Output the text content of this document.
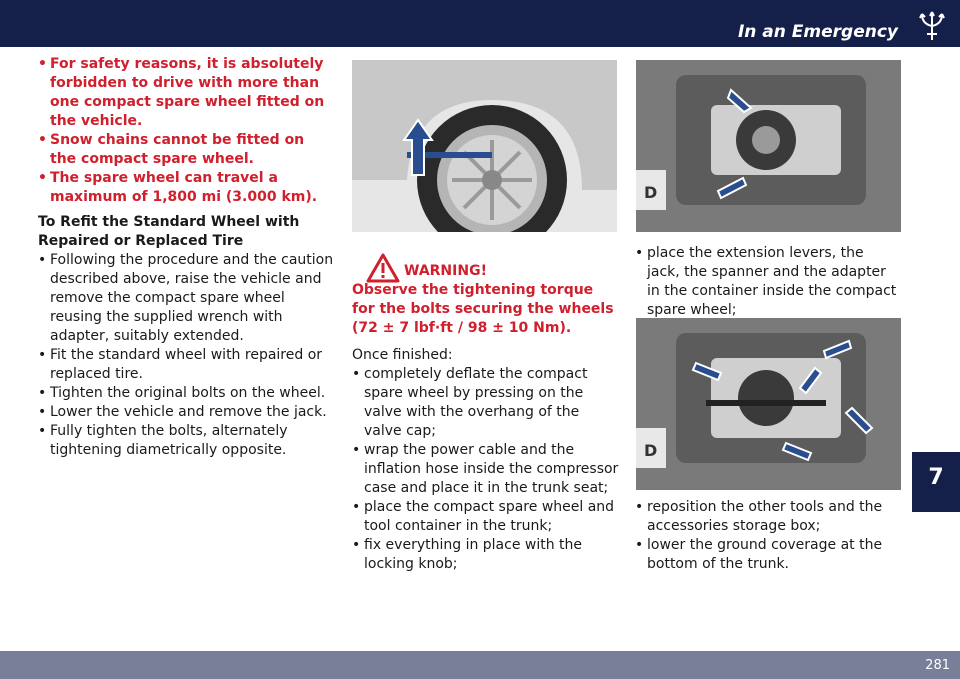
In an Emergency

• For safety reasons, it is absolutely forbidden to drive with more than one compact spare wheel fitted on the vehicle.

• Snow chains cannot be fitted on the compact spare wheel.

• The spare wheel can travel a maximum of 1,800 mi (3.000 km).

To Refit the Standard Wheel with Repaired or Replaced Tire

• Following the procedure and the caution described above, raise the vehicle and remove the compact spare wheel reusing the supplied wrench with adapter, suitably extended.

• Fit the standard wheel with repaired or replaced tire.

• Tighten the original bolts on the wheel.

• Lower the vehicle and remove the jack.

• Fully tighten the bolts, alternately tightening diametrically opposite.

WARNING!

Observe the tightening torque for the bolts securing the wheels (72 ± 7 lbf·ft / 98 ± 10 Nm).

Once finished:

• completely deflate the compact spare wheel by pressing on the valve with the overhang of the valve cap;

• wrap the power cable and the inflation hose inside the compressor case and place it in the trunk seat;

• place the compact spare wheel and tool container in the trunk;

• fix everything in place with the locking knob;

D

• place the extension levers, the jack, the spanner and the adapter in the container inside the compact spare wheel;

D

• reposition the other tools and the accessories storage box;

• lower the ground coverage at the bottom of the trunk.

7
281
